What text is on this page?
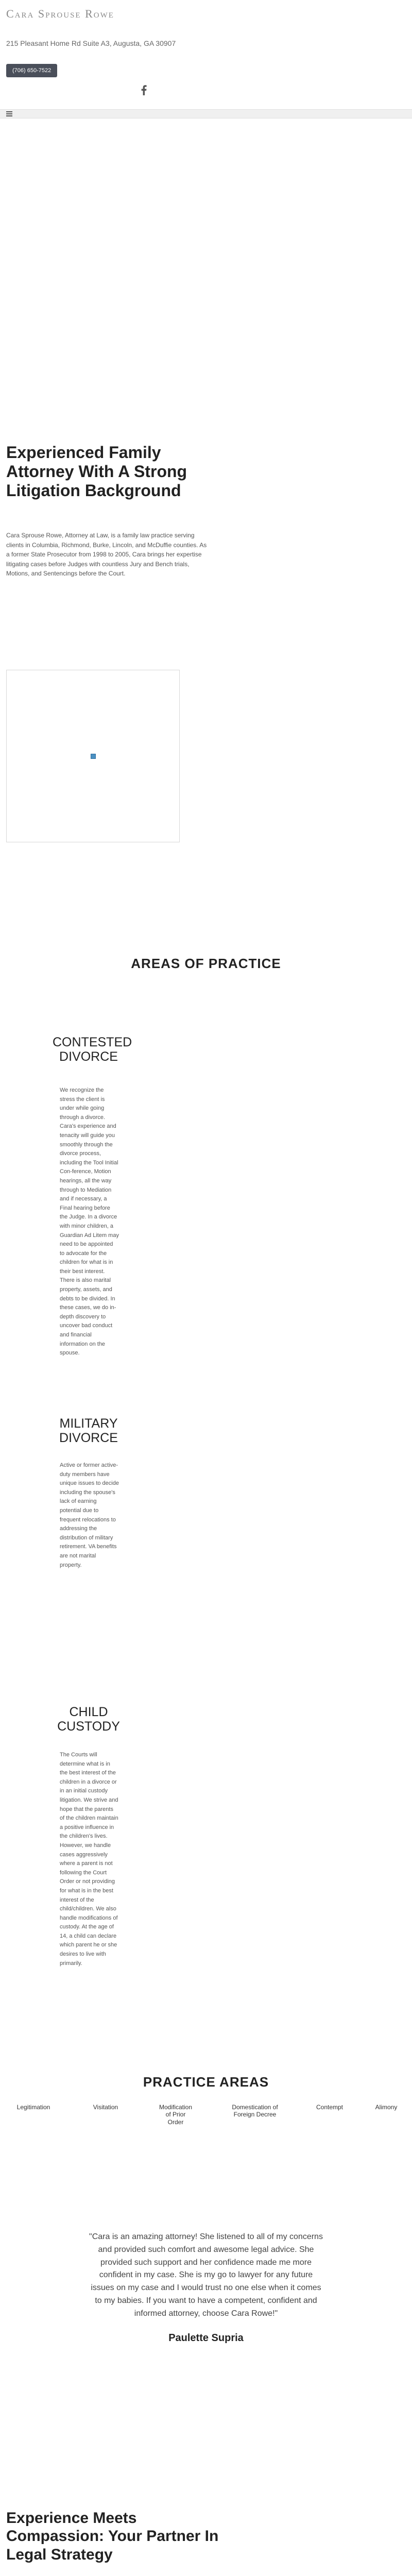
Cara Sprouse Rowe
215 Pleasant Home Rd Suite A3, Augusta, GA 30907
(706) 650-7522
Experienced Family Attorney With A Strong Litigation Background

Cara Sprouse Rowe, Attorney at Law, is a family law practice serving clients in Columbia, Richmond, Burke, Lincoln, and McDuffie counties. As a former State Prosecutor from 1998 to 2005, Cara brings her expertise litigating cases before Judges with countless Jury and Bench trials, Motions, and Sentencings before the Court.

AREAS OF PRACTICE
CONTESTED DIVORCE

We recognize the stress the client is under while going through a divorce. Cara's experience and tenacity will guide you smoothly through the divorce process, including the Tool Initial Con-ference, Motion hearings, all the way through to Mediation and if necessary, a Final hearing before the Judge. In a divorce with minor children, a Guardian Ad Litem may need to be appointed to advocate for the children for what is in their best interest. There is also marital property, assets, and debts to be divided. In these cases, we do in-depth discovery to uncover bad conduct and financial information on the spouse.

MILITARY DIVORCE

Active or former active-duty members have unique issues to decide including the spouse's lack of earning potential due to frequent relocations to addressing the distribution of military retirement. VA benefits are not marital property.

CHILD CUSTODY

The Courts will determine what is in the best interest of the children in a divorce or in an initial custody litigation. We strive and hope that the parents of the children maintain a positive influence in the children's lives. However, we handle cases aggressively where a parent is not following the Court Order or not providing for what is in the best interest of the child/children. We also handle modifications of custody. At the age of 14, a child can declare which parent he or she desires to live with primarily.

PRACTICE AREAS
Legitimation	Visitation	Modification of Prior Order
Domestication of Foreign Decree
Contempt	Alimony

"Cara is an amazing attorney! She listened to all of my concerns and provided such comfort and awesome legal advice. She provided such support and her confidence made me more confident in my case. She is my go to lawyer for any future issues on my case and I would trust no one else when it comes to my babies. If you want to have a competent, confident and informed attorney, choose Cara Rowe!"

Paulette Supria
Experience Meets Compassion: Your Partner In Legal Strategy
